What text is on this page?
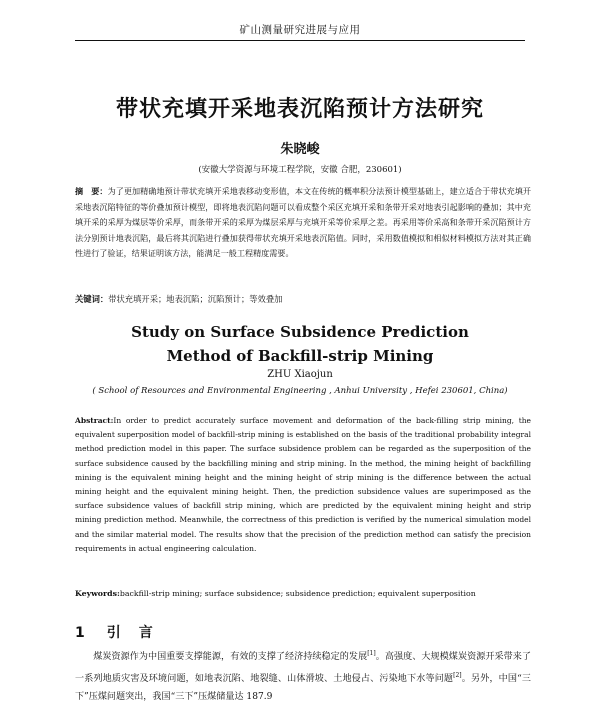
矿山测量研究进展与应用
带状充填开采地表沉陷预计方法研究
朱晓峻
(安徽大学资源与环境工程学院，安徽 合肥，230601)
摘　要：为了更加精确地预计带状充填开采地表移动变形值，本文在传统的概率积分法预计模型基础上，建立适合于带状充填开采地表沉陷特征的等价叠加预计模型，即将地表沉陷问题可以看成整个采区充填开采和条带开采对地表引起影响的叠加；其中充填开采的采厚为煤层等价采厚，而条带开采的采厚为煤层采厚与充填开采等价采厚之差。再采用等价采高和条带开采沉陷预计方法分别预计地表沉陷，最后将其沉陷进行叠加获得带状充填开采地表沉陷值。同时，采用数值模拟和相似材料模拟方法对其正确性进行了验证，结果证明该方法，能满足一般工程精度需要。
关键词：带状充填开采；地表沉陷；沉陷预计；等效叠加
Study on Surface Subsidence Prediction
Method of Backfill-strip Mining
ZHU Xiaojun
( School of Resources and Environmental Engineering , Anhui University , Hefei 230601, China)
Abstract:In order to predict accurately surface movement and deformation of the back-filling strip mining, the equivalent superposition model of backfill-strip mining is established on the basis of the traditional probability integral method prediction model in this paper. The surface subsidence problem can be regarded as the superposition of the surface subsidence caused by the backfilling mining and strip mining. In the method, the mining height of backfilling mining is the equivalent mining height and the mining height of strip mining is the difference between the actual mining height and the equivalent mining height. Then, the prediction subsidence values are superimposed as the surface subsidence values of backfill strip mining, which are predicted by the equivalent mining height and strip mining prediction method. Meanwhile, the correctness of this prediction is verified by the numerical simulation model and the similar material model. The results show that the precision of the prediction method can satisfy the precision requirements in actual engineering calculation.
Keywords:backfill-strip mining; surface subsidence; subsidence prediction; equivalent superposition
1 引言
煤炭资源作为中国重要支撑能源，有效的支撑了经济持续稳定的发展[1]。高强度、大规模煤炭资源开采带来了一系列地质灾害及环境问题，如地表沉陷、地裂缝、山体滑坡、土地侵占、污染地下水等问题[2]。另外，中国“三下”压煤问题突出，我国“三下”压煤储量达 187.9
